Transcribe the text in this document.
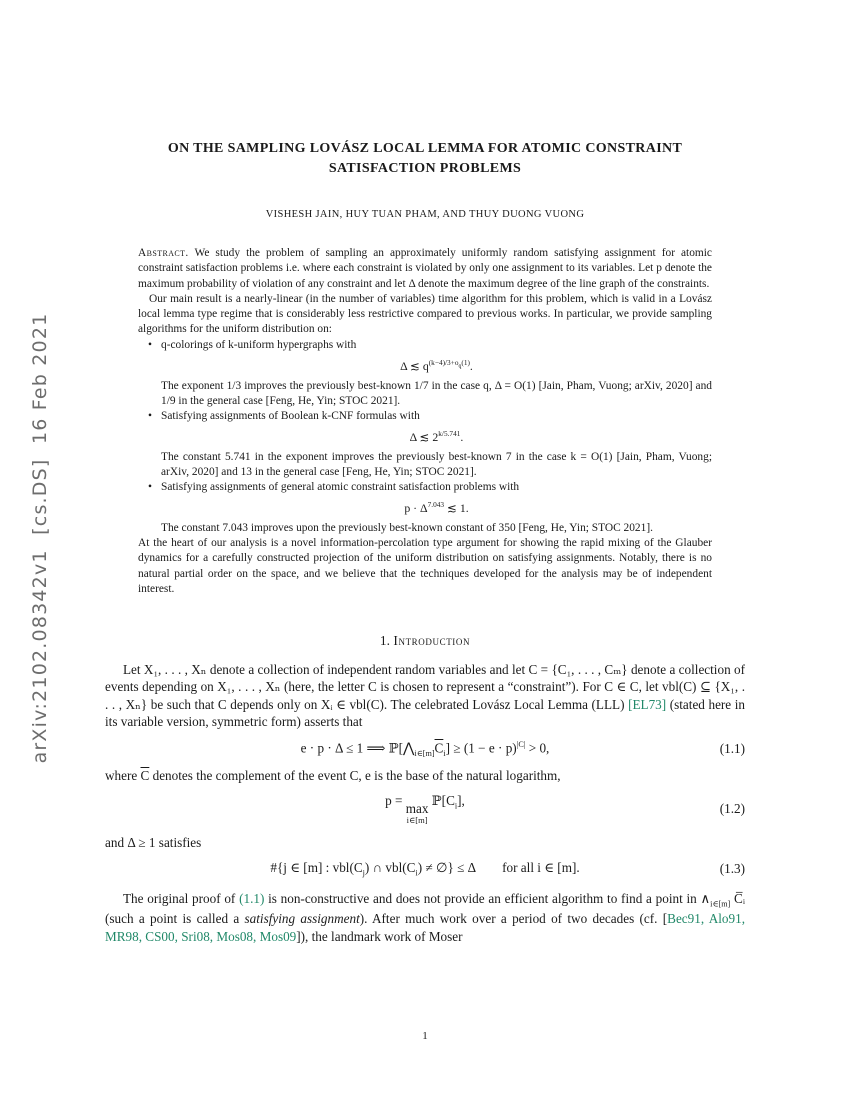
arXiv:2102.08342v1  [cs.DS]  16 Feb 2021
ON THE SAMPLING LOVÁSZ LOCAL LEMMA FOR ATOMIC CONSTRAINT
SATISFACTION PROBLEMS
VISHESH JAIN, HUY TUAN PHAM, AND THUY DUONG VUONG

Abstract. We study the problem of sampling an approximately uniformly random satisfying assignment for atomic constraint satisfaction problems i.e. where each constraint is violated by only one assignment to its variables. Let p denote the maximum probability of violation of any constraint and let Δ denote the maximum degree of the line graph of the constraints.

Our main result is a nearly-linear (in the number of variables) time algorithm for this problem, which is valid in a Lovász local lemma type regime that is considerably less restrictive compared to previous works. In particular, we provide sampling algorithms for the uniform distribution on:

• q-colorings of k-uniform hypergraphs with
Δ ≲ $q^{(k-4)/3+o_q(1)}$.
The exponent 1/3 improves the previously best-known 1/7 in the case q, Δ = O(1) [Jain, Pham, Vuong; arXiv, 2020] and 1/9 in the general case [Feng, He, Yin; STOC 2021].
• Satisfying assignments of Boolean k-CNF formulas with
Δ ≲ $2^{k/5.741}$.
The constant 5.741 in the exponent improves the previously best-known 7 in the case k = O(1) [Jain, Pham, Vuong; arXiv, 2020] and 13 in the general case [Feng, He, Yin; STOC 2021].
• Satisfying assignments of general atomic constraint satisfaction problems with
$p \cdot \Delta^{7.043}$ ≲ 1.
The constant 7.043 improves upon the previously best-known constant of 350 [Feng, He, Yin; STOC 2021].

At the heart of our analysis is a novel information-percolation type argument for showing the rapid mixing of the Glauber dynamics for a carefully constructed projection of the uniform distribution on satisfying assignments. Notably, there is no natural partial order on the space, and we believe that the techniques developed for the analysis may be of independent interest.

1. Introduction

Let X₁, . . . , Xₙ denote a collection of independent random variables and let C = {C₁, . . . , Cₘ} denote a collection of events depending on X₁, . . . , Xₙ (here, the letter C is chosen to represent a “constraint”). For C ∈ C, let vbl(C) ⊆ {X₁, . . . , Xₙ} be such that C depends only on Xᵢ ∈ vbl(C). The celebrated Lovász Local Lemma (LLL) [EL73] (stated here in its variable version, symmetric form) asserts that

e · p · Δ ≤ 1 ⟹ $ℙ[⋀_{i\in[m]}\overline{C}_i] \ge (1 - e \cdot p)^{|C|} > 0$,	(1.1)

where $\overline{C}$ denotes the complement of the event C, e is the base of the natural logarithm,

p =
max
i∈[m]
$ℙ[C_i]$,
(1.2)

and Δ ≥ 1 satisfies

#{j ∈ [m] : $vbl(C_j)$ ∩ $vbl(C_i)$ ≠ ∅} ≤ Δ for all i ∈ [m].	(1.3)

The original proof of (1.1) is non-constructive and does not provide an efficient algorithm to find a point in $\wedge_{i\in[m]}$ C̅ᵢ (such a point is called a satisfying assignment). After much work over a period of two decades (cf. [Bec91, Alo91, MR98, CS00, Sri08, Mos08, Mos09]), the landmark work of Moser

1
